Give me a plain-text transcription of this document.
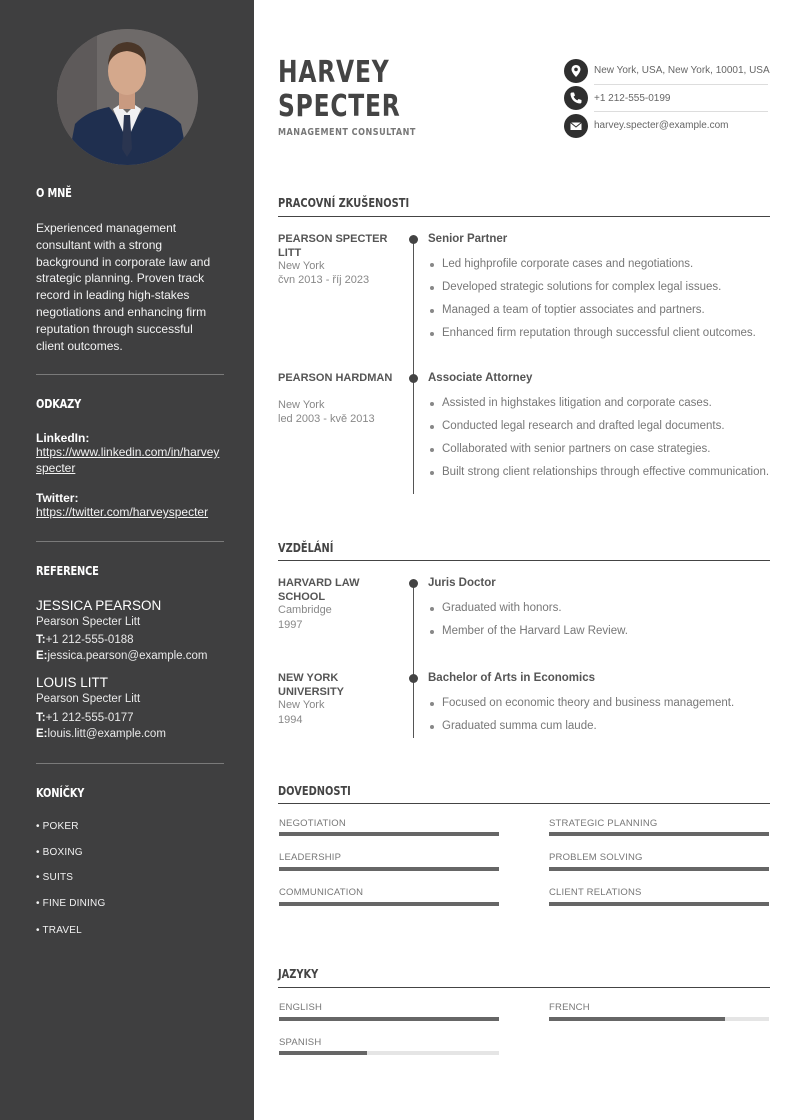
O MNĚ
Experienced management consultant with a strong background in corporate law and strategic planning. Proven track record in leading high-stakes negotiations and enhancing firm reputation through successful client outcomes.
ODKAZY
LinkedIn:
https://www.linkedin.com/in/harveyspecter
Twitter:
https://twitter.com/harveyspecter
REFERENCE
JESSICA PEARSON
Pearson Specter Litt
T:+1 212-555-0188
E:jessica.pearson@example.com
LOUIS LITT
Pearson Specter Litt
T:+1 212-555-0177
E:louis.litt@example.com
KONÍČKY
• POKER
• BOXING
• SUITS
• FINE DINING
• TRAVEL
HARVEY
SPECTER
MANAGEMENT CONSULTANT
New York, USA, New York, 10001, USA
+1 212-555-0199
harvey.specter@example.com
PRACOVNÍ ZKUŠENOSTI
PEARSON SPECTER LITT
New York
čvn 2013 - říj 2023
Senior Partner
Led highprofile corporate cases and negotiations.
Developed strategic solutions for complex legal issues.
Managed a team of toptier associates and partners.
Enhanced firm reputation through successful client outcomes.
PEARSON HARDMAN
New York
led 2003 - kvě 2013
Associate Attorney
Assisted in highstakes litigation and corporate cases.
Conducted legal research and drafted legal documents.
Collaborated with senior partners on case strategies.
Built strong client relationships through effective communication.
VZDĚLÁNÍ
HARVARD LAW SCHOOL
Cambridge
1997
Juris Doctor
Graduated with honors.
Member of the Harvard Law Review.
NEW YORK UNIVERSITY
New York
1994
Bachelor of Arts in Economics
Focused on economic theory and business management.
Graduated summa cum laude.
DOVEDNOSTI
NEGOTIATION	STRATEGIC PLANNING
LEADERSHIP	PROBLEM SOLVING
COMMUNICATION	CLIENT RELATIONS
JAZYKY
ENGLISH	FRENCH
SPANISH
